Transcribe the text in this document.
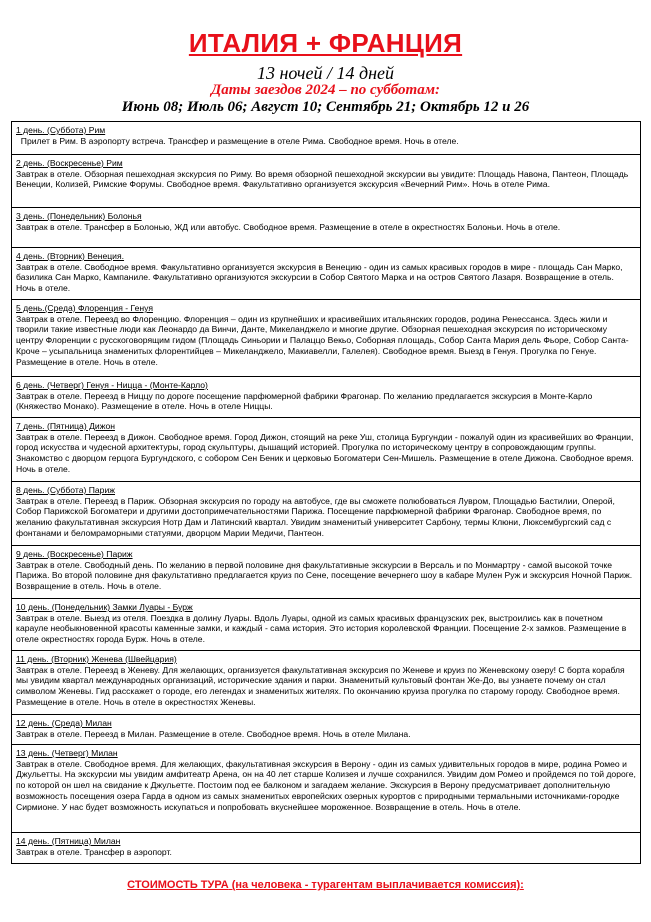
ИТАЛИЯ + ФРАНЦИЯ
13 ночей / 14 дней
Даты заездов 2024 – по субботам:
Июнь 08; Июль 06; Август 10; Сентябрь 21; Октябрь 12 и 26
1 день. (Суббота) Рим
Прилет в Рим. В аэропорту встреча. Трансфер и размещение в отеле Рима. Свободное время. Ночь в отеле.
2 день. (Воскресенье) Рим
Завтрак в отеле. Обзорная пешеходная экскурсия по Риму. Во время обзорной пешеходной экскурсии вы увидите: Площадь Навона, Пантеон, Площадь Венеции, Колизей, Римские Форумы. Свободное время. Факультативно организуется экскурсия «Вечерний Рим». Ночь в отеле Рима.
3 день. (Понедельник) Болонья
Завтрак в отеле. Трансфер в Болонью, ЖД или автобус. Свободное время. Размещение в отеле в окрестностях Болоньи. Ночь в отеле.
4 день. (Вторник) Венеция.
Завтрак в отеле. Свободное время. Факультативно организуется экскурсия в Венецию - один из самых красивых городов в мире - площадь Сан Марко, базилика Сан Марко, Кампаниле. Факультативно организуются экскурсии в Собор Святого Марка и на остров Святого Лазаря. Возвращение в отель. Ночь в отеле.
5 день.(Среда) Флоренция - Генуя
Завтрак в отеле. Переезд во Флоренцию. Флоренция – один из крупнейших и красивейших итальянских городов, родина Ренессанса. Здесь жили и творили такие известные люди как Леонардо да Винчи, Данте, Микеланджело и многие другие. Обзорная пешеходная экскурсия по историческому центру Флоренции с русскоговорящим гидом (Площадь Синьории и Палаццо Векьо, Соборная площадь, Собор Санта Мария дель Фьоре, Собор Санта-Кроче – усыпальница знаменитых флорентийцев – Микеланджело, Макиавелли, Галелея). Свободное время. Выезд в Генуя. Прогулка по Генуе. Размещение в отеле. Ночь в отеле.
6 день. (Четверг) Генуя - Ницца - (Монте-Карло)
Завтрак в отеле. Переезд в Ниццу по дороге посещение парфюмерной фабрики Фрагонар. По желанию предлагается экскурсия в Монте-Карло (Княжество Монако). Размещение в отеле. Ночь в отеле Ниццы.
7 день. (Пятница) Дижон
Завтрак в отеле. Переезд в Дижон. Свободное время. Город Дижон, стоящий на реке Уш, столица Бургундии - пожалуй один из красивейших во Франции, город искусства и чудесной архитектуры, город скульптуры, дышащий историей. Прогулка по историческому центру в сопровождающим группы. Знакомство с дворцом герцога Бургундского, с собором Сен Беник и церковью Богоматери Сен-Мишель. Размещение в отеле Дижона. Свободное время. Ночь в отеле.
8 день. (Суббота) Париж
Завтрак в отеле. Переезд в Париж. Обзорная экскурсия по городу на автобусе, где вы сможете полюбоваться Лувром, Площадью Бастилии, Оперой, Собор Парижской Богоматери и другими достопримечательностями Парижа. Посещение парфюмерной фабрики Фрагонар. Свободное время, по желанию факультативная экскурсия Нотр Дам и Латинский квартал. Увидим знаменитый университет Сарбону, термы Клюни, Люксембургский сад с фонтанами и беломраморными статуями, дворцом Марии Медичи, Пантеон.
9 день. (Воскресенье) Париж
Завтрак в отеле. Свободный день. По желанию в первой половине дня факультативные экскурсии в Версаль и по Монмартру - самой высокой точке Парижа. Во второй половине дня факультативно предлагается круиз по Сене, посещение вечернего шоу в кабаре Мулен Руж и экскурсия Ночной Париж. Возвращение в отель. Ночь в отеле.
10 день. (Понедельник) Замки Луары - Бурж
Завтрак в отеле. Выезд из отеля. Поездка в долину Луары. Вдоль Луары, одной из самых красивых французских рек, выстроились как в почетном карауле необыкновенной красоты каменные замки, и каждый - сама история. Это история королевской Франции. Посещение 2-х замков. Размещение в отеле окрестностях города Бурж. Ночь в отеле.
11 день. (Вторник) Женева (Швейцария)
Завтрак в отеле. Переезд в Женеву. Для желающих, организуется факультативная экскурсия по Женеве и круиз по Женевскому озеру! С борта корабля мы увидим квартал международных организаций, исторические здания и парки. Знаменитый культовый фонтан Же-До, вы узнаете почему он стал символом Женевы. Гид расскажет о городе, его легендах и знаменитых жителях. По окончанию круиза прогулка по старому городу. Свободное время. Размещение в отеле. Ночь в отеле в окрестностях Женевы.
12 день. (Среда) Милан
Завтрак в отеле. Переезд в Милан. Размещение в отеле. Свободное время. Ночь в отеле Милана.
13 день. (Четверг) Милан
Завтрак в отеле. Свободное время. Для желающих, факультативная экскурсия в Верону - один из самых удивительных городов в мире, родина Ромео и Джульетты. На экскурсии мы увидим амфитеатр Арена, он на 40 лет старше Колизея и лучше сохранился. Увидим дом Ромео и пройдемся по той дороге, по которой он шел на свидание к Джульетте. Постоим под ее балконом и загадаем желание. Экскурсия в Верону предусматривает дополнительную возможность посещения озера Гарда в одном из самых знаменитых европейских озерных курортов с природными термальными источниками-городке Сирмионе. У нас будет возможность искупаться и попробовать вкуснейшее мороженное. Возвращение в отель. Ночь в отеле.
14 день. (Пятница) Милан
Завтрак в отеле. Трансфер в аэропорт.
СТОИМОСТЬ ТУРА (на человека - турагентам выплачивается комиссия):
